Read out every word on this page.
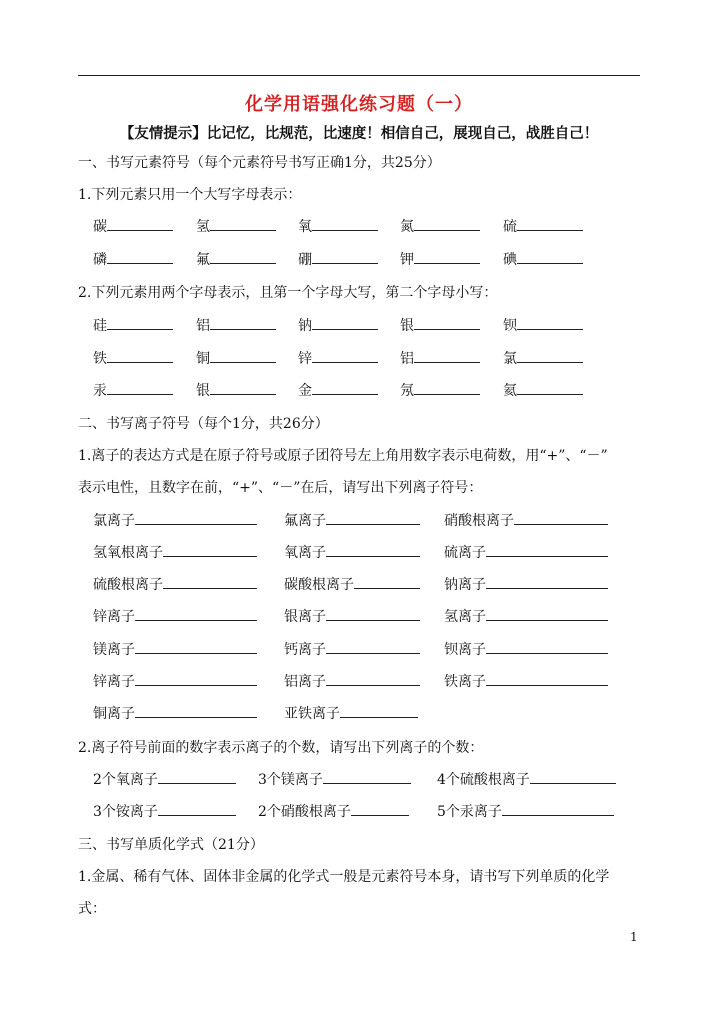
化学用语强化练习题（一）
【友情提示】比记忆，比规范，比速度！相信自己，展现自己，战胜自己！
一、书写元素符号（每个元素符号书写正确1分，共25分）
1.下列元素只用一个大写字母表示：
碳	氢	氧	氮	硫
磷	氟	硼	钾	碘
2.下列元素用两个字母表示，且第一个字母大写，第二个字母小写：
硅	铝	钠	银	钡
铁	铜	锌	铝	氯
汞	银	金	氖	氦
二、书写离子符号（每个1分，共26分）
1.离子的表达方式是在原子符号或原子团符号左上角用数字表示电荷数，用“+”、“－”
表示电性，且数字在前，“+”、“－”在后，请写出下列离子符号：
氯离子	氟离子	硝酸根离子
氢氧根离子	氧离子	硫离子
硫酸根离子	碳酸根离子	钠离子
锌离子	银离子	氢离子
镁离子	钙离子	钡离子
锌离子	铝离子	铁离子
铜离子	亚铁离子
2.离子符号前面的数字表示离子的个数，请写出下列离子的个数：
2个氧离子	3个镁离子	4个硫酸根离子
3个铵离子	2个硝酸根离子	5个汞离子
三、书写单质化学式（21分）
1.金属、稀有气体、固体非金属的化学式一般是元素符号本身，请书写下列单质的化学
式：
1
